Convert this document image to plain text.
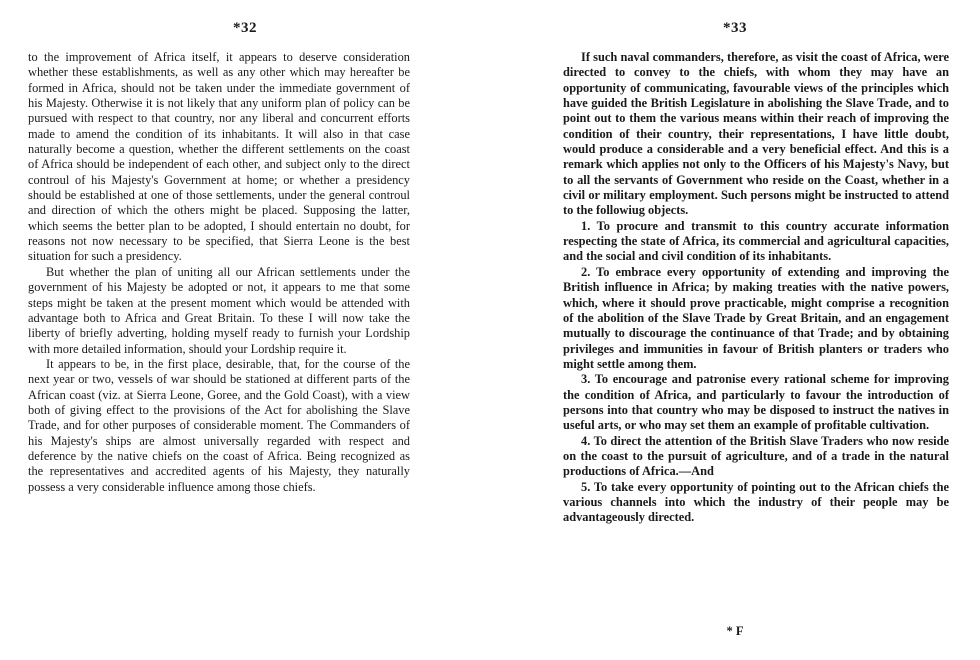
*32

to the improvement of Africa itself, it appears to deserve consideration whether these establishments, as well as any other which may hereafter be formed in Africa, should not be taken under the immediate government of his Majesty. Otherwise it is not likely that any uniform plan of policy can be pursued with respect to that country, nor any liberal and concurrent efforts made to amend the condition of its inhabitants. It will also in that case naturally become a question, whether the different settlements on the coast of Africa should be independent of each other, and subject only to the direct controul of his Majesty's Government at home; or whether a presidency should be established at one of those settlements, under the general controul and direction of which the others might be placed. Supposing the latter, which seems the better plan to be adopted, I should entertain no doubt, for reasons not now necessary to be specified, that Sierra Leone is the best situation for such a presidency.

But whether the plan of uniting all our African settlements under the government of his Majesty be adopted or not, it appears to me that some steps might be taken at the present moment which would be attended with advantage both to Africa and Great Britain. To these I will now take the liberty of briefly adverting, holding myself ready to furnish your Lordship with more detailed information, should your Lordship require it.

It appears to be, in the first place, desirable, that, for the course of the next year or two, vessels of war should be stationed at different parts of the African coast (viz. at Sierra Leone, Goree, and the Gold Coast), with a view both of giving effect to the provisions of the Act for abolishing the Slave Trade, and for other purposes of considerable moment. The Commanders of his Majesty's ships are almost universally regarded with respect and deference by the native chiefs on the coast of Africa. Being recognized as the representatives and accredited agents of his Majesty, they naturally possess a very considerable influence among those chiefs.

*33

If such naval commanders, therefore, as visit the coast of Africa, were directed to convey to the chiefs, with whom they may have an opportunity of communicating, favourable views of the principles which have guided the British Legislature in abolishing the Slave Trade, and to point out to them the various means within their reach of improving the condition of their country, their representations, I have little doubt, would produce a considerable and a very beneficial effect. And this is a remark which applies not only to the Officers of his Majesty's Navy, but to all the servants of Government who reside on the Coast, whether in a civil or military employment. Such persons might be instructed to attend to the followiug objects.

1. To procure and transmit to this country accurate information respecting the state of Africa, its commercial and agricultural capacities, and the social and civil condition of its inhabitants.

2. To embrace every opportunity of extending and improving the British influence in Africa; by making treaties with the native powers, which, where it should prove practicable, might comprise a recognition of the abolition of the Slave Trade by Great Britain, and an engagement mutually to discourage the continuance of that Trade; and by obtaining privileges and immunities in favour of British planters or traders who might settle among them.

3. To encourage and patronise every rational scheme for improving the condition of Africa, and particularly to favour the introduction of persons into that country who may be disposed to instruct the natives in useful arts, or who may set them an example of profitable cultivation.

4. To direct the attention of the British Slave Traders who now reside on the coast to the pursuit of agriculture, and of a trade in the natural productions of Africa.—And

5. To take every opportunity of pointing out to the African chiefs the various channels into which the industry of their people may be advantageously directed.

* F
